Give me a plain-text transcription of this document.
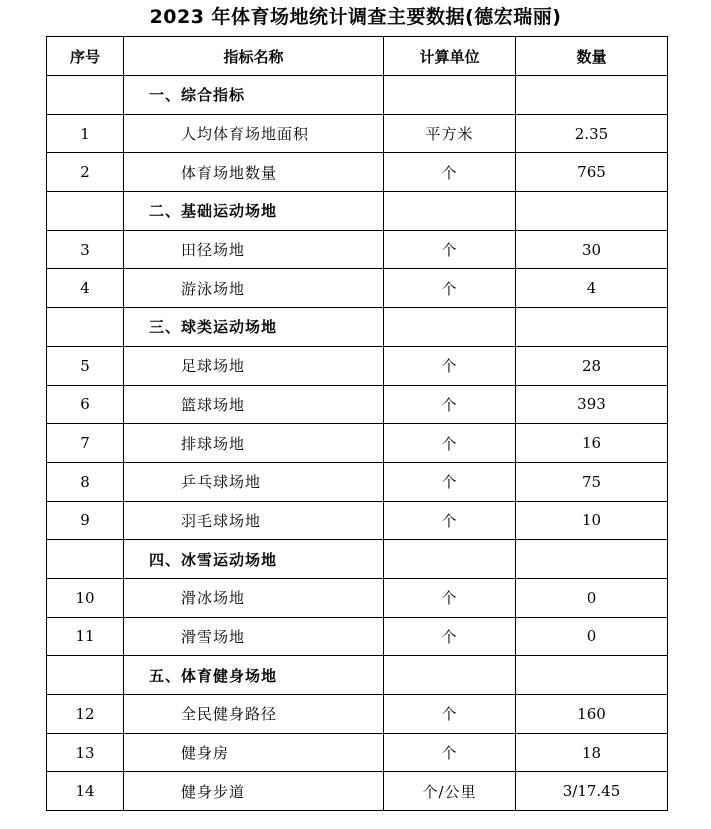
2023 年体育场地统计调查主要数据(德宏瑞丽)
序号	指标名称	计算单位	数量
	一、综合指标		
1	人均体育场地面积	平方米	2.35
2	体育场地数量	个	765
	二、基础运动场地		
3	田径场地	个	30
4	游泳场地	个	4
	三、球类运动场地		
5	足球场地	个	28
6	篮球场地	个	393
7	排球场地	个	16
8	乒乓球场地	个	75
9	羽毛球场地	个	10
	四、冰雪运动场地		
10	滑冰场地	个	0
11	滑雪场地	个	0
	五、体育健身场地		
12	全民健身路径	个	160
13	健身房	个	18
14	健身步道	个/公里	3/17.45
